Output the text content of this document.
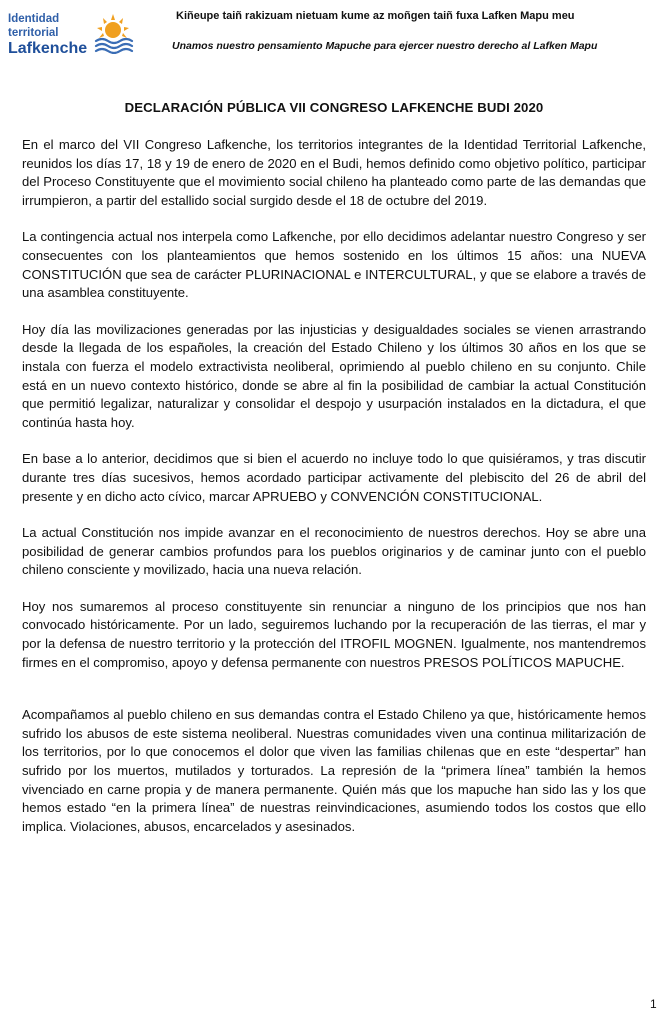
Identidad
territorial
Lafkenche
Kiñeupe taiñ rakizuam nietuam kume az moñgen taiñ fuxa Lafken Mapu meu
Unamos nuestro pensamiento Mapuche para ejercer nuestro derecho al Lafken Mapu
DECLARACIÓN PÚBLICA VII CONGRESO LAFKENCHE BUDI 2020

En el marco del VII Congreso Lafkenche, los territorios integrantes de la Identidad Territorial Lafkenche, reunidos los días 17, 18 y 19 de enero de 2020 en el Budi, hemos definido como objetivo político, participar del Proceso Constituyente que el movimiento social chileno ha planteado como parte de las demandas que irrumpieron, a partir del estallido social surgido desde el 18 de octubre del 2019.

La contingencia actual nos interpela como Lafkenche, por ello decidimos adelantar nuestro Congreso y ser consecuentes con los planteamientos que hemos sostenido en los últimos 15 años: una NUEVA CONSTITUCIÓN que sea de carácter PLURINACIONAL e INTERCULTURAL, y que se elabore a través de una asamblea constituyente.

Hoy día las movilizaciones generadas por las injusticias y desigualdades sociales se vienen arrastrando desde la llegada de los españoles, la creación del Estado Chileno y los últimos 30 años en los que se instala con fuerza el modelo extractivista neoliberal, oprimiendo al pueblo chileno en su conjunto. Chile está en un nuevo contexto histórico, donde se abre al fin la posibilidad de cambiar la actual Constitución que permitió legalizar, naturalizar y consolidar el despojo y usurpación instalados en la dictadura, el que continúa hasta hoy.

En base a lo anterior, decidimos que si bien el acuerdo no incluye todo lo que quisiéramos, y tras discutir durante tres días sucesivos, hemos acordado participar activamente del plebiscito del 26 de abril del presente y en dicho acto cívico, marcar APRUEBO y CONVENCIÓN CONSTITUCIONAL.

La actual Constitución nos impide avanzar en el reconocimiento de nuestros derechos. Hoy se abre una posibilidad de generar cambios profundos para los pueblos originarios y de caminar junto con el pueblo chileno consciente y movilizado, hacia una nueva relación.

Hoy nos sumaremos al proceso constituyente sin renunciar a ninguno de los principios que nos han convocado históricamente. Por un lado, seguiremos luchando por la recuperación de las tierras, el mar y por la defensa de nuestro territorio y la protección del ITROFIL MOGNEN. Igualmente, nos mantendremos firmes en el compromiso, apoyo y defensa permanente con nuestros PRESOS POLÍTICOS MAPUCHE.

Acompañamos al pueblo chileno en sus demandas contra el Estado Chileno ya que, históricamente hemos sufrido los abusos de este sistema neoliberal. Nuestras comunidades viven una continua militarización de los territorios, por lo que conocemos el dolor que viven las familias chilenas que en este “despertar” han sufrido por los muertos, mutilados y torturados. La represión de la “primera línea” también la hemos vivenciado en carne propia y de manera permanente. Quién más que los mapuche han sido las y los que hemos estado “en la primera línea” de nuestras reinvindicaciones, asumiendo todos los costos que ello implica. Violaciones, abusos, encarcelados y asesinados.

1
